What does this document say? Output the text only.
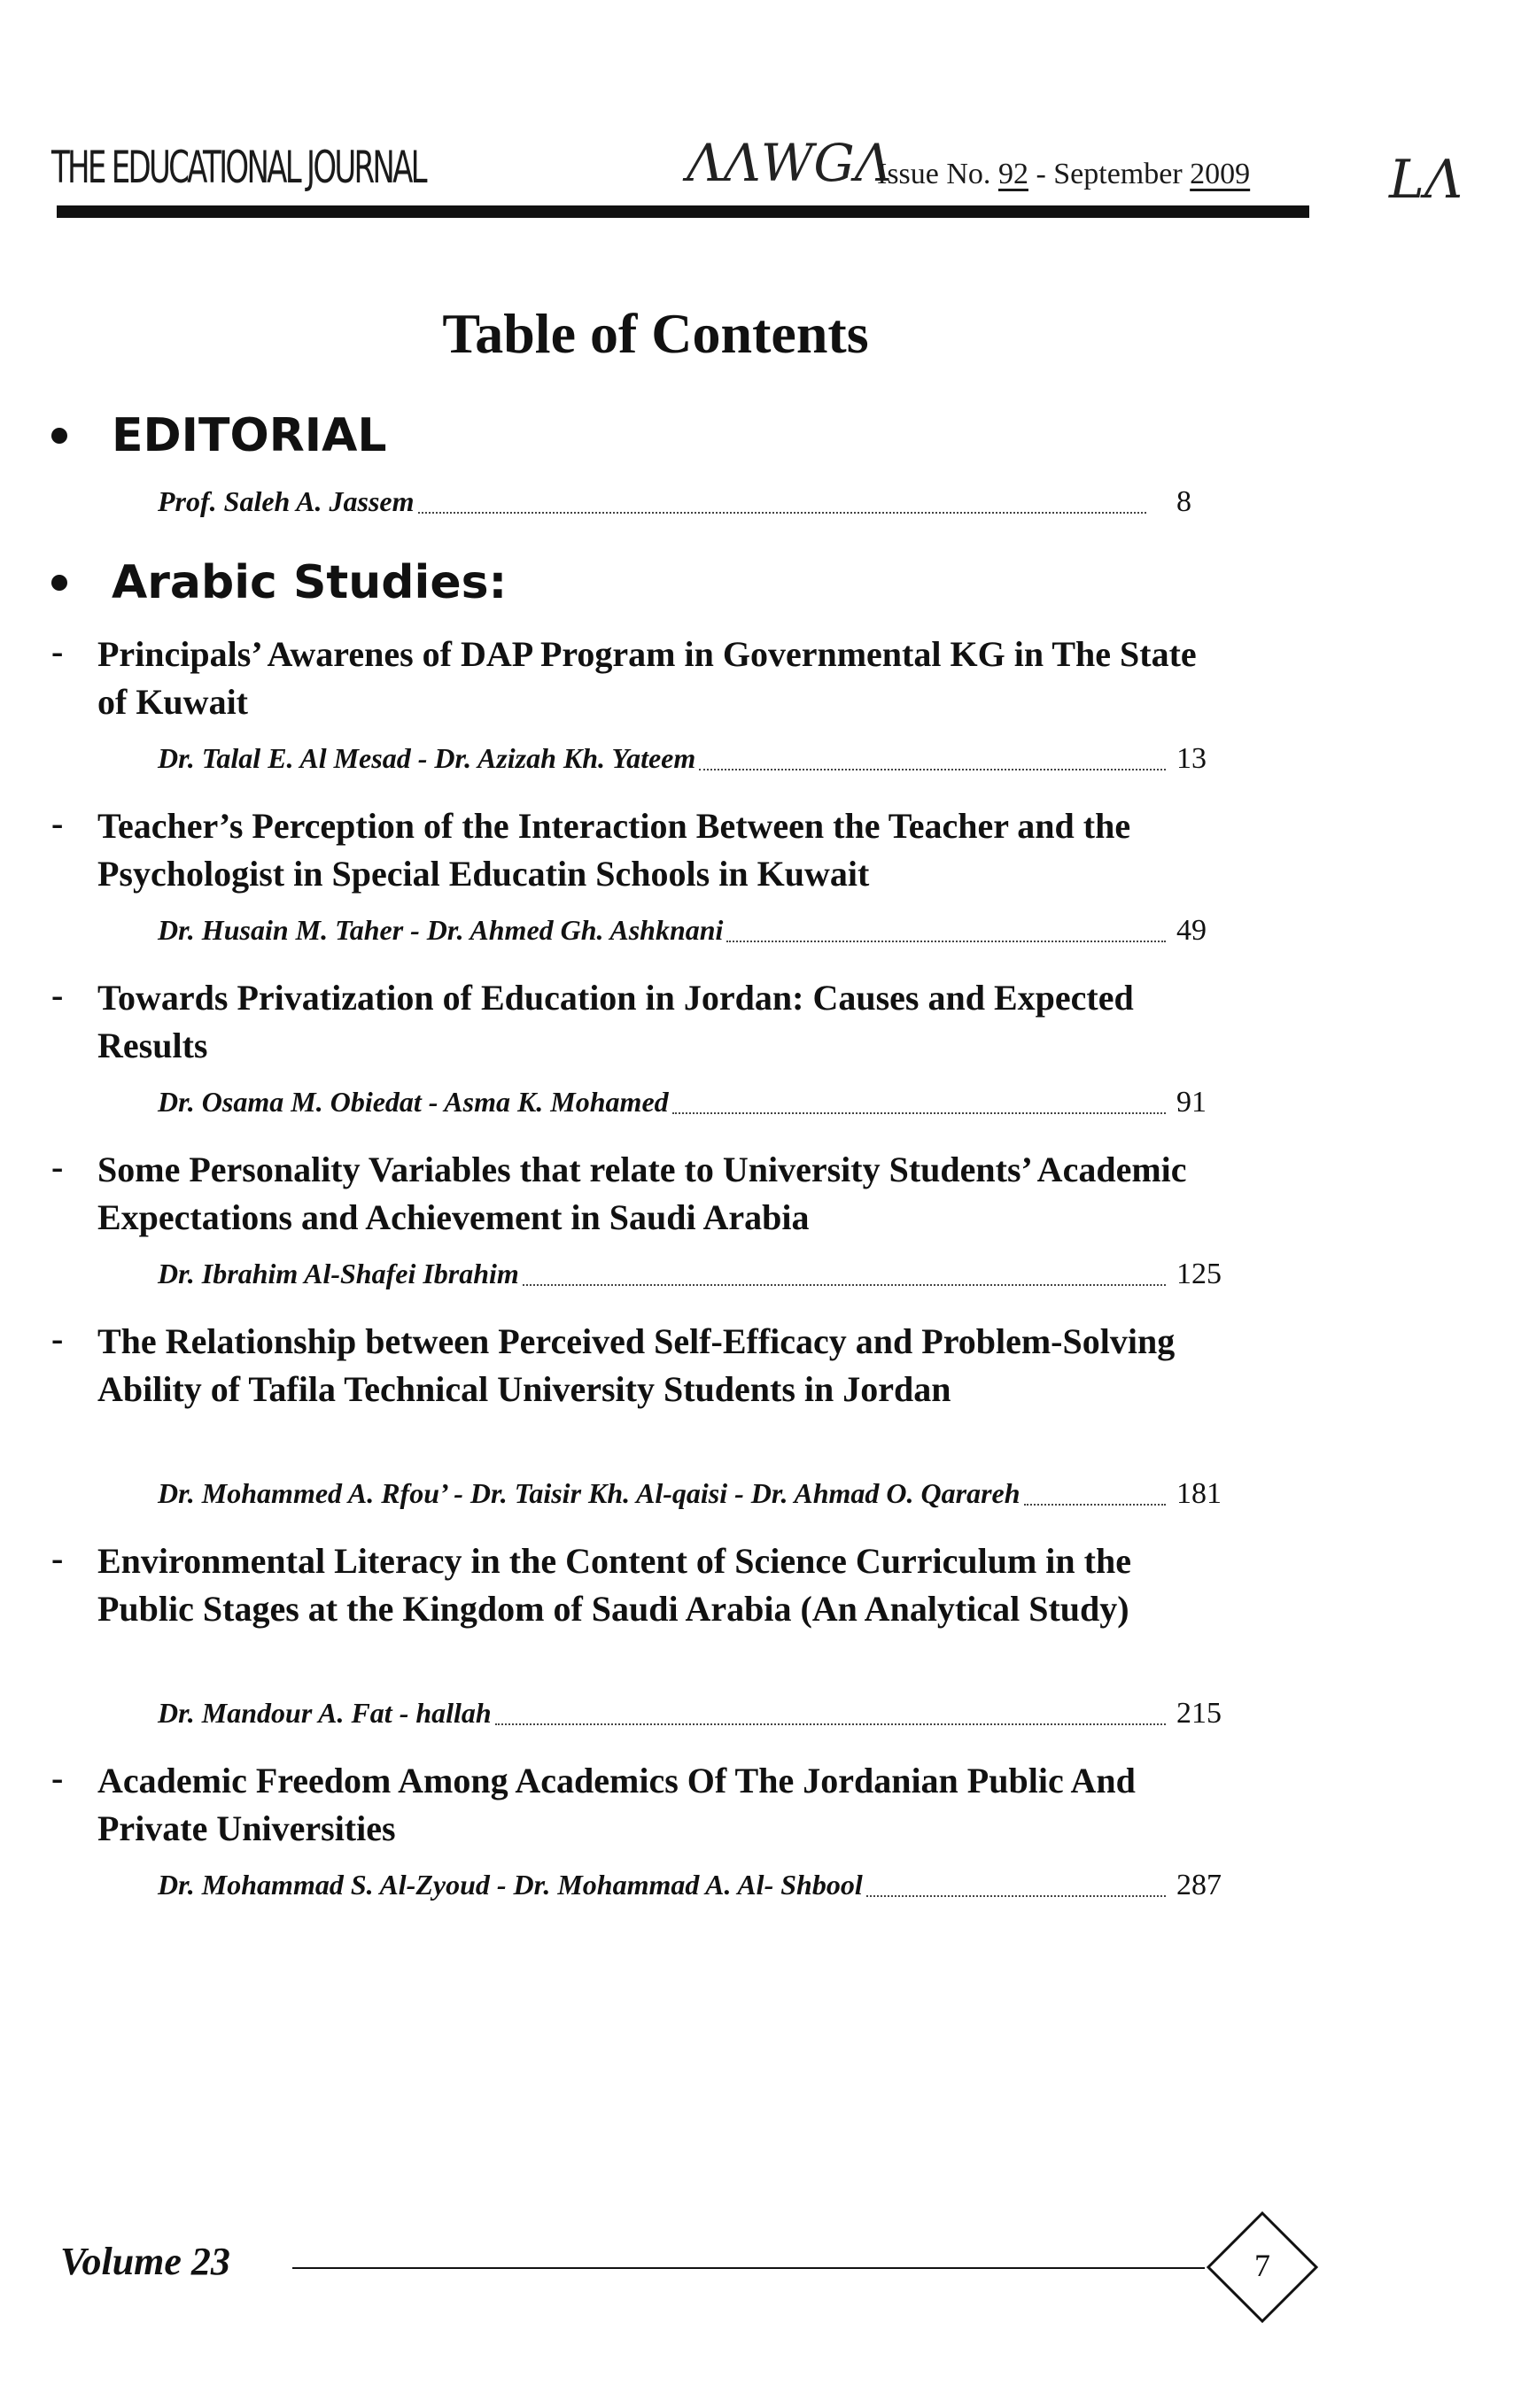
THE EDUCATIONAL JOURNAL	ΛΛWGΛ
Issue No. 92 - September 2009	LΛ
Table of Contents
EDITORIAL
Prof. Saleh A. Jassem	8
Arabic Studies:
- Principals’ Awarenes of DAP Program in Governmental KG in The State of Kuwait
Dr. Talal E. Al Mesad - Dr. Azizah Kh. Yateem	13
- Teacher’s Perception of the Interaction Between the Teacher and the Psychologist in Special Educatin Schools in Kuwait
Dr. Husain M. Taher - Dr. Ahmed Gh. Ashknani	49
- Towards Privatization of Education in Jordan: Causes and Expected Results
Dr. Osama M. Obiedat - Asma K. Mohamed	91
- Some Personality Variables that relate to University Students’ Academic Expectations and Achievement in Saudi Arabia
Dr. Ibrahim Al-Shafei Ibrahim	125
- The Relationship between Perceived Self-Efficacy and Problem-Solving Ability of Tafila Technical University Students in Jordan
Dr. Mohammed A. Rfou’ - Dr. Taisir Kh. Al-qaisi - Dr. Ahmad O. Qarareh	181
- Environmental Literacy in the Content of Science Curriculum in the Public Stages at the Kingdom of Saudi Arabia (An Analytical Study)
Dr. Mandour A. Fat - hallah	215
- Academic Freedom Among Academics Of The Jordanian Public And Private Universities
Dr. Mohammad S. Al-Zyoud - Dr. Mohammad A. Al- Shbool	287
Volume 23	7
